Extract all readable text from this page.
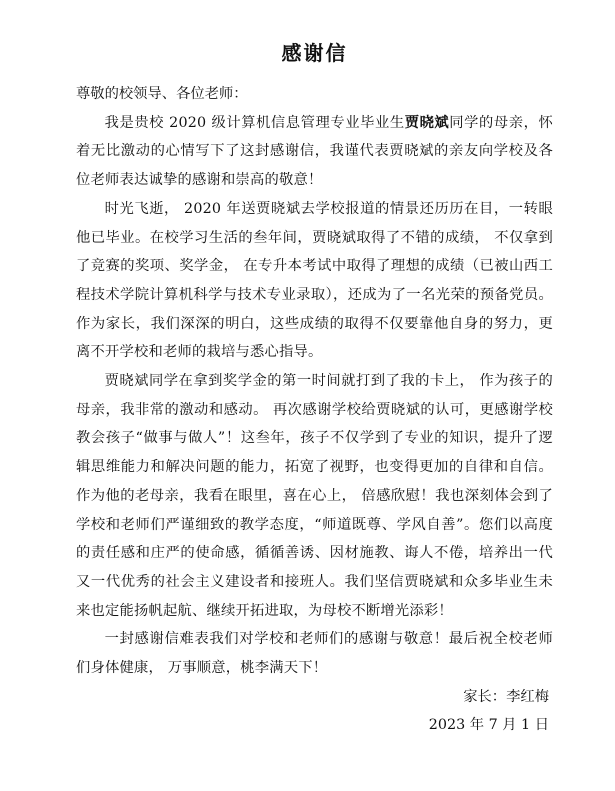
感谢信

尊敬的校领导、各位老师：

我是贵校 2020 级计算机信息管理专业毕业生贾晓斌同学的母亲，怀着无比激动的心情写下了这封感谢信，我谨代表贾晓斌的亲友向学校及各位老师表达诚挚的感谢和崇高的敬意！

时光飞逝， 2020 年送贾晓斌去学校报道的情景还历历在目，一转眼他已毕业。在校学习生活的叁年间，贾晓斌取得了不错的成绩， 不仅拿到了竞赛的奖项、奖学金， 在专升本考试中取得了理想的成绩（已被山西工程技术学院计算机科学与技术专业录取），还成为了一名光荣的预备党员。作为家长，我们深深的明白，这些成绩的取得不仅要靠他自身的努力，更离不开学校和老师的栽培与悉心指导。

贾晓斌同学在拿到奖学金的第一时间就打到了我的卡上， 作为孩子的母亲，我非常的激动和感动。 再次感谢学校给贾晓斌的认可，更感谢学校教会孩子“做事与做人”！这叁年，孩子不仅学到了专业的知识，提升了逻辑思维能力和解决问题的能力，拓宽了视野，也变得更加的自律和自信。作为他的老母亲，我看在眼里，喜在心上， 倍感欣慰！我也深刻体会到了学校和老师们严谨细致的教学态度，“师道既尊、学风自善”。您们以高度的责任感和庄严的使命感，循循善诱、因材施教、诲人不倦，培养出一代又一代优秀的社会主义建设者和接班人。我们坚信贾晓斌和众多毕业生未来也定能扬帆起航、继续开拓进取，为母校不断增光添彩！

一封感谢信难表我们对学校和老师们的感谢与敬意！最后祝全校老师们身体健康， 万事顺意，桃李满天下！

家长：李红梅

2023 年 7 月 1 日
